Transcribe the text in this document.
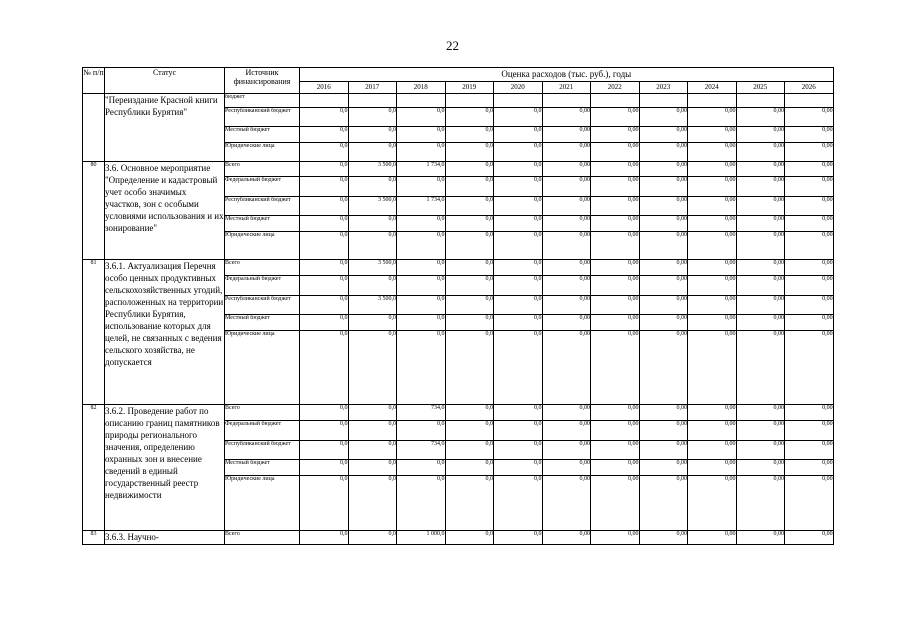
22
№ п/п	Статус	Источник финансирования	Оценка расходов (тыс. руб.), годы										
			2016	2017	2018	2019	2020	2021	2022	2023	2024	2025	2026
	"Переиздание Красной книги Республики Бурятия"	бюджет											
		Республиканский бюджет	0,0	0,0	0,0	0,0	0,0	0,00	0,00	0,00	0,00	0,00	0,00
		Местный бюджет	0,0	0,0	0,0	0,0	0,0	0,00	0,00	0,00	0,00	0,00	0,00
		Юридические лица	0,0	0,0	0,0	0,0	0,0	0,00	0,00	0,00	0,00	0,00	0,00
80	3.6. Основное мероприятие "Определение и кадастровый учет особо значимых участков, зон с особыми условиями использования и их зонирование"	Всего	0,0	3 500,0	1 734,0	0,0	0,0	0,00	0,00	0,00	0,00	0,00	0,00
		Федеральный бюджет	0,0	0,0	0,0	0,0	0,0	0,00	0,00	0,00	0,00	0,00	0,00
		Республиканский бюджет	0,0	3 500,0	1 734,0	0,0	0,0	0,00	0,00	0,00	0,00	0,00	0,00
		Местный бюджет	0,0	0,0	0,0	0,0	0,0	0,00	0,00	0,00	0,00	0,00	0,00
		Юридические лица	0,0	0,0	0,0	0,0	0,0	0,00	0,00	0,00	0,00	0,00	0,00
81	3.6.1. Актуализация Перечня особо ценных продуктивных сельскохозяйственных угодий, расположенных на территории Республики Бурятия, использование которых для целей, не связанных с ведения сельского хозяйства, не допускается	Всего	0,0	3 500,0	0,0	0,0	0,0	0,00	0,00	0,00	0,00	0,00	0,00
		Федеральный бюджет	0,0	0,0	0,0	0,0	0,0	0,00	0,00	0,00	0,00	0,00	0,00
		Республиканский бюджет	0,0	3 500,0	0,0	0,0	0,0	0,00	0,00	0,00	0,00	0,00	0,00
		Местный бюджет	0,0	0,0	0,0	0,0	0,0	0,00	0,00	0,00	0,00	0,00	0,00
		Юридические лица	0,0	0,0	0,0	0,0	0,0	0,00	0,00	0,00	0,00	0,00	0,00
82	3.6.2. Проведение работ по описанию границ памятников природы регионального значения, определению охранных зон и внесение сведений в единый государственный реестр недвижимости	Всего	0,0	0,0	734,0	0,0	0,0	0,00	0,00	0,00	0,00	0,00	0,00
		Федеральный бюджет	0,0	0,0	0,0	0,0	0,0	0,00	0,00	0,00	0,00	0,00	0,00
		Республиканский бюджет	0,0	0,0	734,0	0,0	0,0	0,00	0,00	0,00	0,00	0,00	0,00
		Местный бюджет	0,0	0,0	0,0	0,0	0,0	0,00	0,00	0,00	0,00	0,00	0,00
		Юридические лица	0,0	0,0	0,0	0,0	0,0	0,00	0,00	0,00	0,00	0,00	0,00
83	3.6.3. Научно-	Всего	0,0	0,0	1 000,0	0,0	0,0	0,00	0,00	0,00	0,00	0,00	0,00
